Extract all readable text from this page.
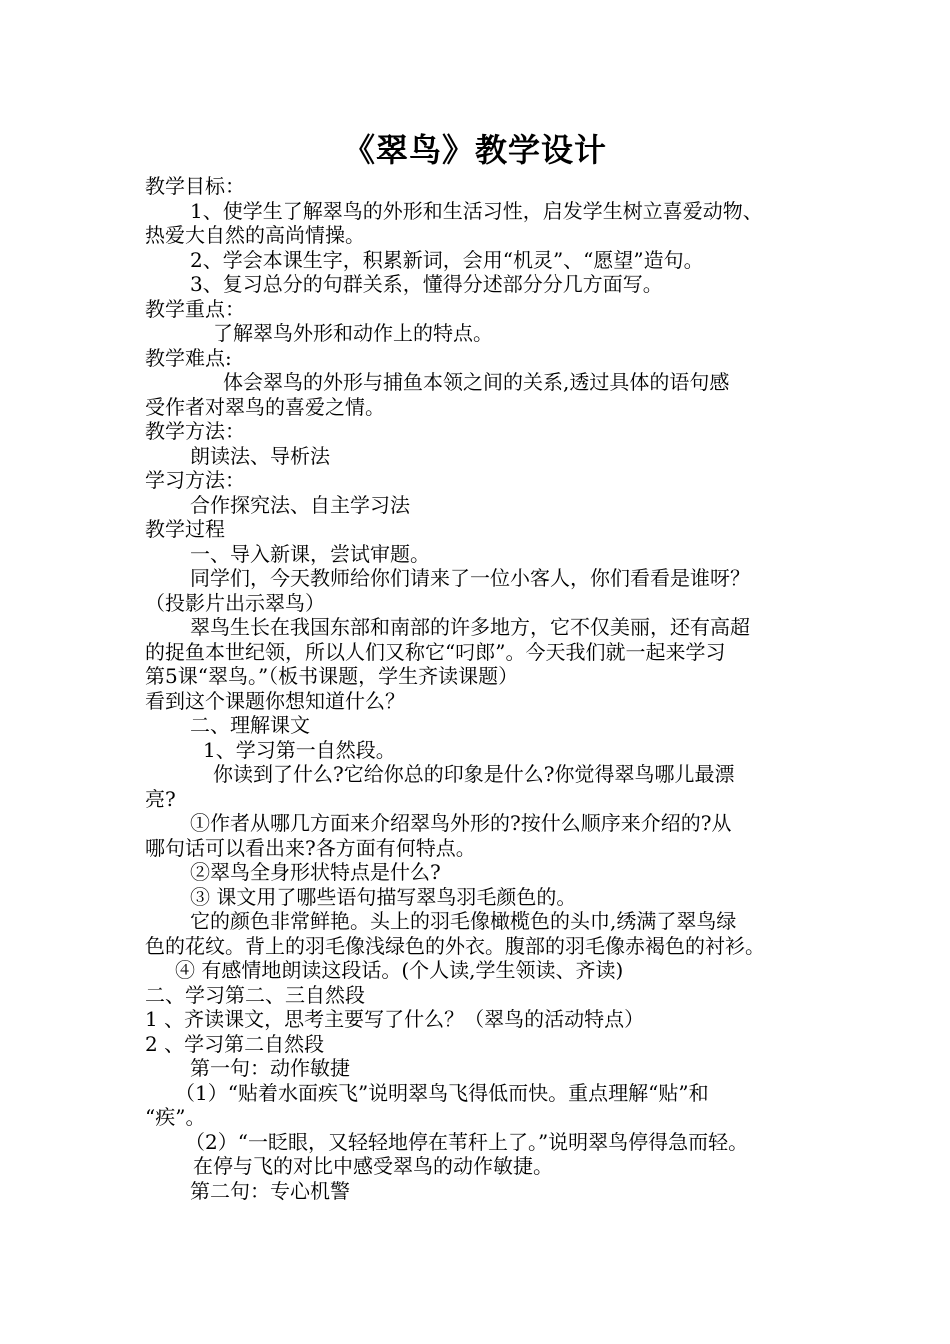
《翠鸟》教学设计
教学目标：
1、使学生了解翠鸟的外形和生活习性，启发学生树立喜爱动物、
热爱大自然的高尚情操。
2、学会本课生字，积累新词，会用“机灵”、“愿望”造句。
3、复习总分的句群关系，懂得分述部分分几方面写。
教学重点：
了解翠鸟外形和动作上的特点。
教学难点:
体会翠鸟的外形与捕鱼本领之间的关系,透过具体的语句感
受作者对翠鸟的喜爱之情。
教学方法：
朗读法、导析法
学习方法：
合作探究法、自主学习法
教学过程
一、导入新课，尝试审题。
同学们，今天教师给你们请来了一位小客人，你们看看是谁呀？
（投影片出示翠鸟）
翠鸟生长在我国东部和南部的许多地方，它不仅美丽，还有高超
的捉鱼本世纪领，所以人们又称它“叼郎”。今天我们就一起来学习
第5课“翠鸟。”（板书课题，学生齐读课题）
看到这个课题你想知道什么？
二、理解课文
1、学习第一自然段。
你读到了什么?它给你总的印象是什么?你觉得翠鸟哪儿最漂
亮?
①作者从哪几方面来介绍翠鸟外形的?按什么顺序来介绍的?从
哪句话可以看出来?各方面有何特点。
②翠鸟全身形状特点是什么?
③ 课文用了哪些语句描写翠鸟羽毛颜色的。
它的颜色非常鲜艳。头上的羽毛像橄榄色的头巾,绣满了翠鸟绿
色的花纹。背上的羽毛像浅绿色的外衣。腹部的羽毛像赤褐色的衬衫。
④ 有感情地朗读这段话。(个人读,学生领读、齐读)
二、学习第二、三自然段
1 、齐读课文，思考主要写了什么？（翠鸟的活动特点）
2 、学习第二自然段
第一句：动作敏捷
（1）“贴着水面疾飞”说明翠鸟飞得低而快。重点理解“贴”和
“疾”。
（2）“一眨眼，又轻轻地停在苇秆上了。”说明翠鸟停得急而轻。
在停与飞的对比中感受翠鸟的动作敏捷。
第二句：专心机警
